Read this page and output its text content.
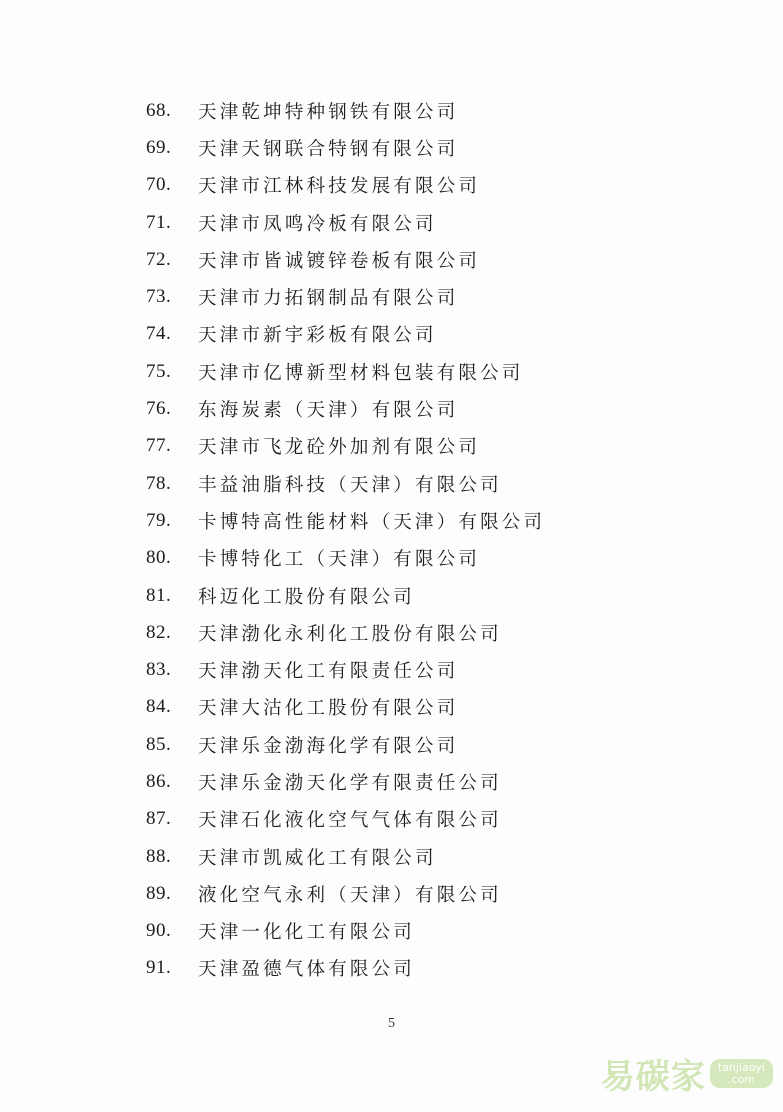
68.	天津乾坤特种钢铁有限公司
69.	天津天钢联合特钢有限公司
70.	天津市江林科技发展有限公司
71.	天津市凤鸣冷板有限公司
72.	天津市皆诚镀锌卷板有限公司
73.	天津市力拓钢制品有限公司
74.	天津市新宇彩板有限公司
75.	天津市亿博新型材料包装有限公司
76.	东海炭素（天津）有限公司
77.	天津市飞龙砼外加剂有限公司
78.	丰益油脂科技（天津）有限公司
79.	卡博特高性能材料（天津）有限公司
80.	卡博特化工（天津）有限公司
81.	科迈化工股份有限公司
82.	天津渤化永利化工股份有限公司
83.	天津渤天化工有限责任公司
84.	天津大沽化工股份有限公司
85.	天津乐金渤海化学有限公司
86.	天津乐金渤天化学有限责任公司
87.	天津石化液化空气气体有限公司
88.	天津市凯威化工有限公司
89.	液化空气永利（天津）有限公司
90.	天津一化化工有限公司
91.	天津盈德气体有限公司
5
易碳家 tanjiaoyi
.com
